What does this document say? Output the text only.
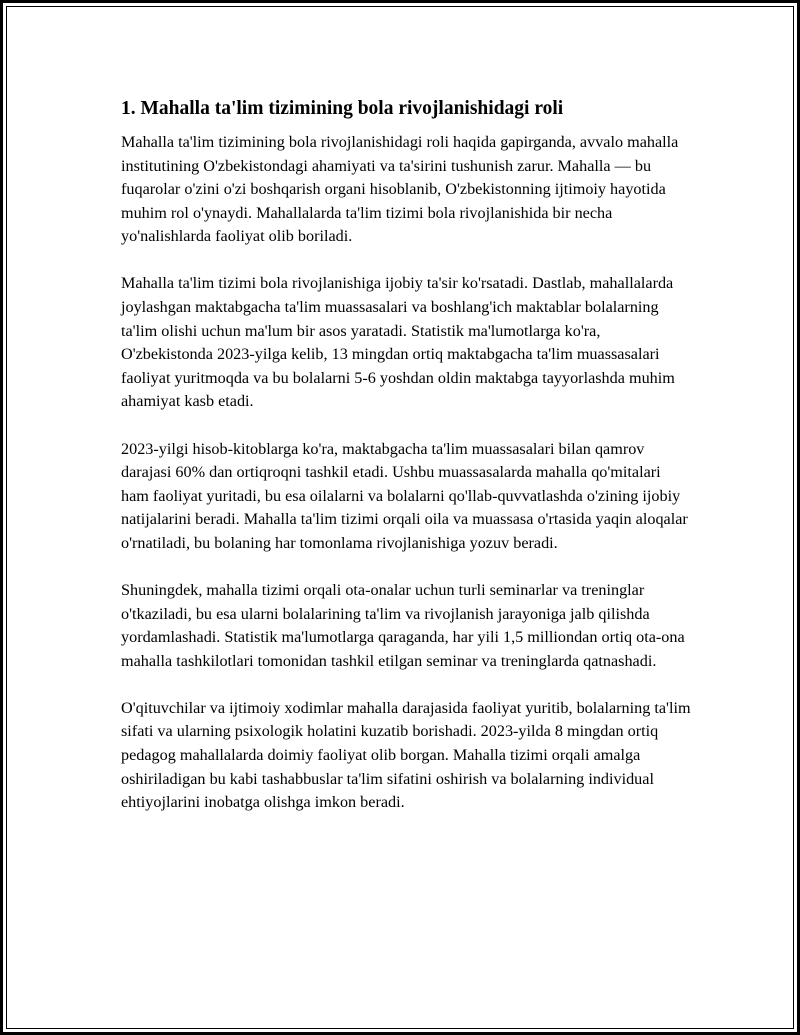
1. Mahalla ta'lim tizimining bola rivojlanishidagi roli

Mahalla ta'lim tizimining bola rivojlanishidagi roli haqida gapirganda, avvalo mahalla institutining O'zbekistondagi ahamiyati va ta'sirini tushunish zarur. Mahalla — bu fuqarolar o'zini o'zi boshqarish organi hisoblanib, O'zbekistonning ijtimoiy hayotida muhim rol o'ynaydi. Mahallalarda ta'lim tizimi bola rivojlanishida bir necha yo'nalishlarda faoliyat olib boriladi.

Mahalla ta'lim tizimi bola rivojlanishiga ijobiy ta'sir ko'rsatadi. Dastlab, mahallalarda joylashgan maktabgacha ta'lim muassasalari va boshlang'ich maktablar bolalarning ta'lim olishi uchun ma'lum bir asos yaratadi. Statistik ma'lumotlarga ko'ra, O'zbekistonda 2023-yilga kelib, 13 mingdan ortiq maktabgacha ta'lim muassasalari faoliyat yuritmoqda va bu bolalarni 5-6 yoshdan oldin maktabga tayyorlashda muhim ahamiyat kasb etadi.

2023-yilgi hisob-kitoblarga ko'ra, maktabgacha ta'lim muassasalari bilan qamrov darajasi 60% dan ortiqroqni tashkil etadi. Ushbu muassasalarda mahalla qo'mitalari ham faoliyat yuritadi, bu esa oilalarni va bolalarni qo'llab-quvvatlashda o'zining ijobiy natijalarini beradi. Mahalla ta'lim tizimi orqali oila va muassasa o'rtasida yaqin aloqalar o'rnatiladi, bu bolaning har tomonlama rivojlanishiga yozuv beradi.

Shuningdek, mahalla tizimi orqali ota-onalar uchun turli seminarlar va treninglar o'tkaziladi, bu esa ularni bolalarining ta'lim va rivojlanish jarayoniga jalb qilishda yordamlashadi. Statistik ma'lumotlarga qaraganda, har yili 1,5 milliondan ortiq ota-ona mahalla tashkilotlari tomonidan tashkil etilgan seminar va treninglarda qatnashadi.

O'qituvchilar va ijtimoiy xodimlar mahalla darajasida faoliyat yuritib, bolalarning ta'lim sifati va ularning psixologik holatini kuzatib borishadi. 2023-yilda 8 mingdan ortiq pedagog mahallalarda doimiy faoliyat olib borgan. Mahalla tizimi orqali amalga oshiriladigan bu kabi tashabbuslar ta'lim sifatini oshirish va bolalarning individual ehtiyojlarini inobatga olishga imkon beradi.
